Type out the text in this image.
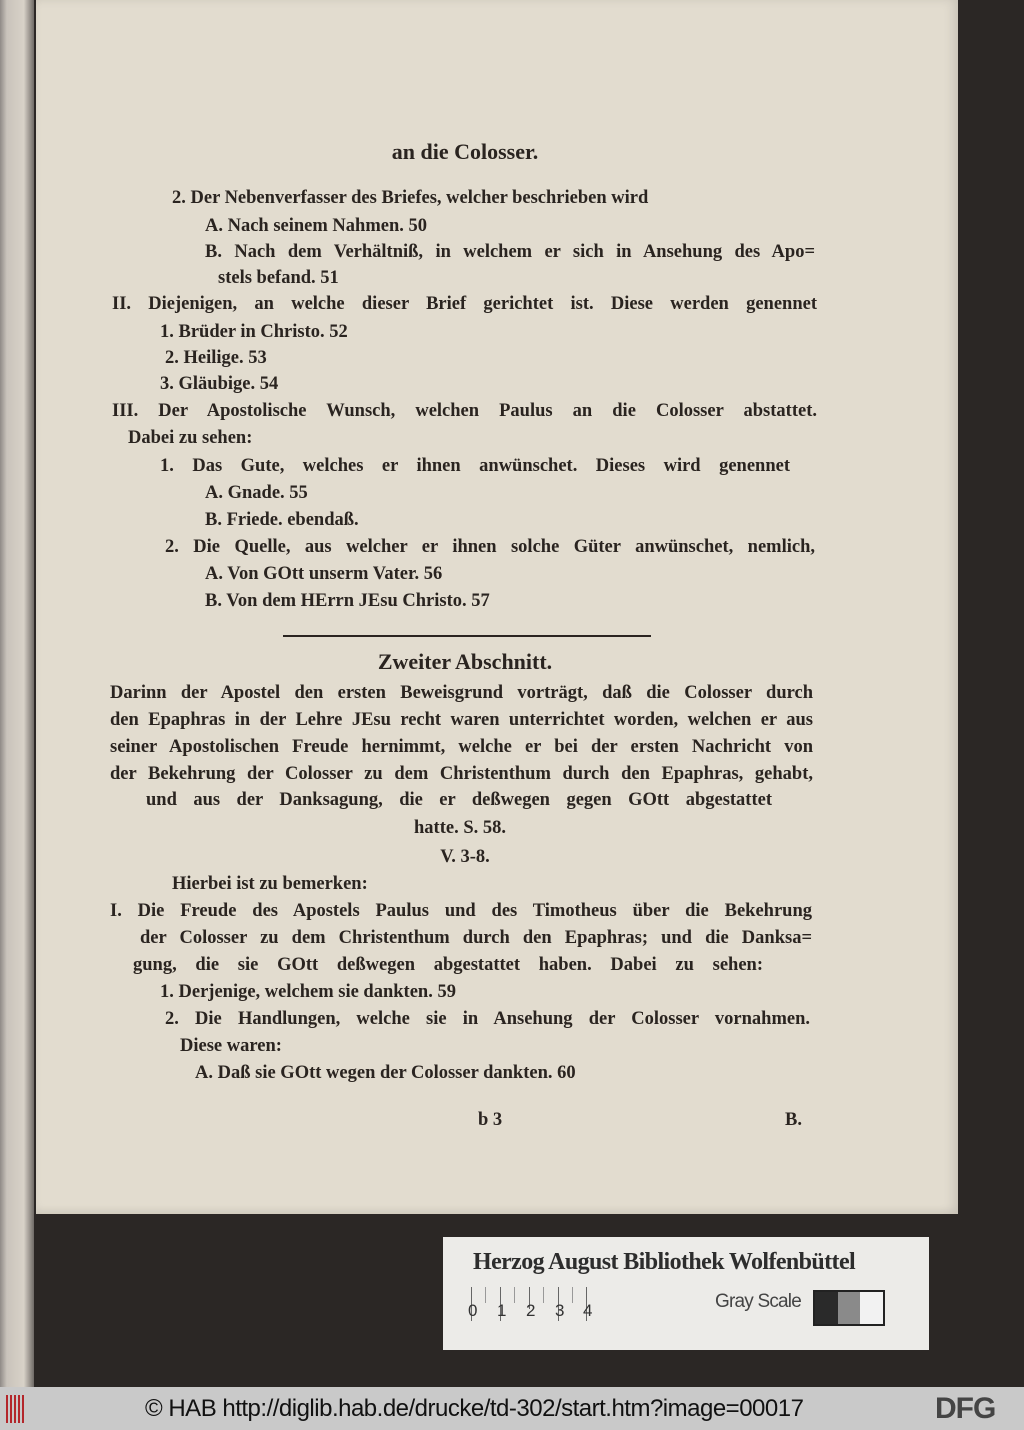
an die Colosser.
2. Der Nebenverfasser des Briefes, welcher beschrieben wird
A. Nach seinem Nahmen. 50
B. Nach dem Verhältniß, in welchem er sich in Ansehung des Apo=
stels befand. 51
II. Diejenigen, an welche dieser Brief gerichtet ist. Diese werden genennet
1. Brüder in Christo. 52
2. Heilige. 53
3. Gläubige. 54
III. Der Apostolische Wunsch, welchen Paulus an die Colosser abstattet.
Dabei zu sehen:
1. Das Gute, welches er ihnen anwünschet. Dieses wird genennet
A. Gnade. 55
B. Friede. ebendaß.
2. Die Quelle, aus welcher er ihnen solche Güter anwünschet, nemlich,
A. Von GOtt unserm Vater. 56
B. Von dem HErrn JEsu Christo. 57
Zweiter Abschnitt.
Darinn der Apostel den ersten Beweisgrund vorträgt, daß die Colosser durch
den Epaphras in der Lehre JEsu recht waren unterrichtet worden, welchen er aus
seiner Apostolischen Freude hernimmt, welche er bei der ersten Nachricht von
der Bekehrung der Colosser zu dem Christenthum durch den Epaphras, gehabt,
und aus der Danksagung, die er deßwegen gegen GOtt abgestattet
hatte. S. 58.
V. 3-8.
Hierbei ist zu bemerken:
I. Die Freude des Apostels Paulus und des Timotheus über die Bekehrung
der Colosser zu dem Christenthum durch den Epaphras; und die Danksa=
gung, die sie GOtt deßwegen abgestattet haben. Dabei zu sehen:
1. Derjenige, welchem sie dankten. 59
2. Die Handlungen, welche sie in Ansehung der Colosser vornahmen.
Diese waren:
A. Daß sie GOtt wegen der Colosser dankten. 60
b 3	B.
Herzog August Bibliothek Wolfenbüttel
0 1 2 3 4	Gray Scale
© HAB http://diglib.hab.de/drucke/td-302/start.htm?image=00017	DFG
